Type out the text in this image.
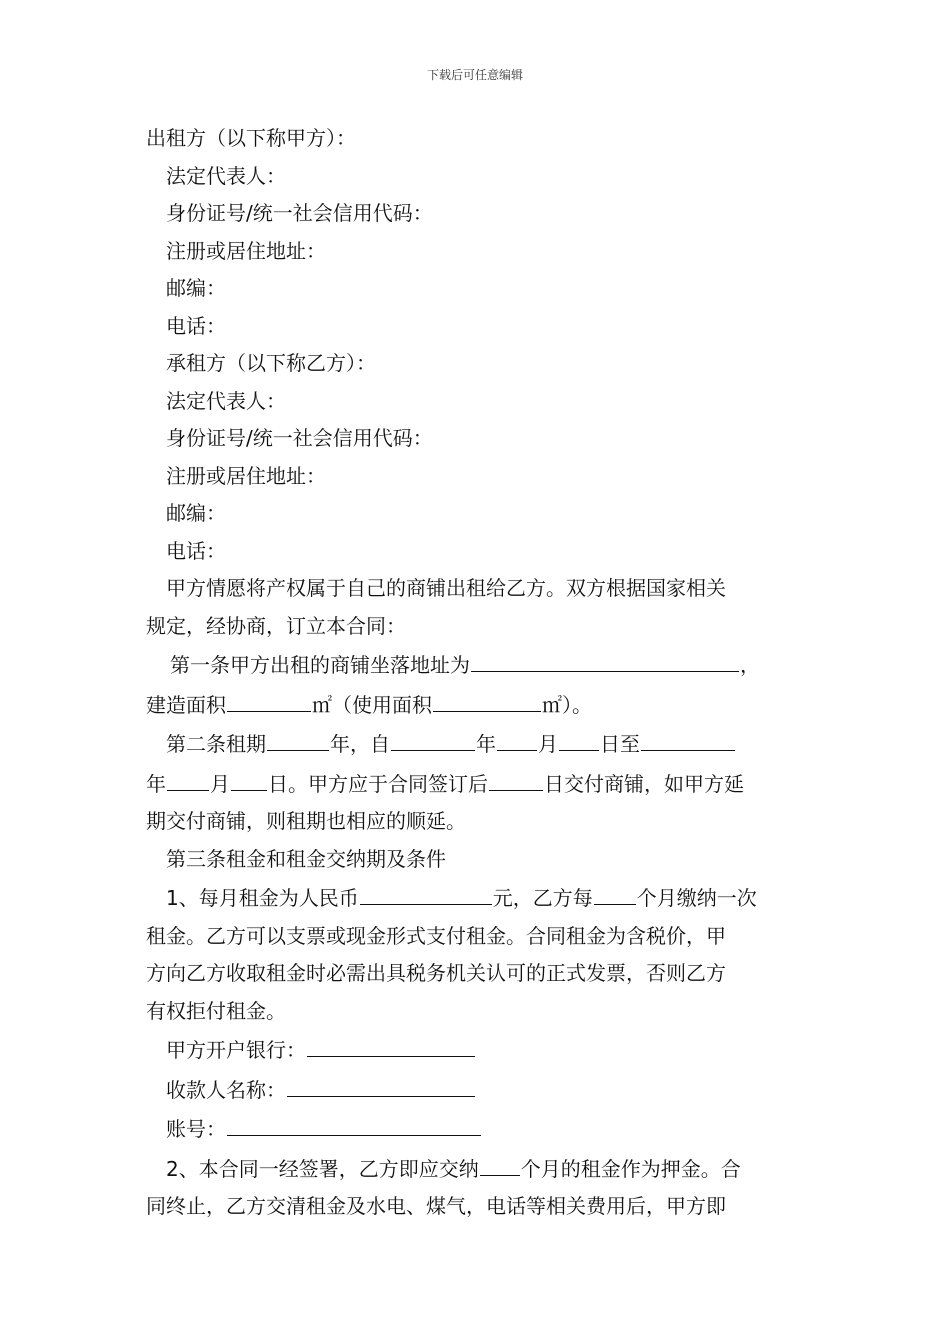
下载后可任意编辑
出租方（以下称甲方）：
法定代表人：
身份证号/统一社会信用代码：
注册或居住地址：
邮编：
电话：
承租方（以下称乙方）：
法定代表人：
身份证号/统一社会信用代码：
注册或居住地址：
邮编：
电话：
甲方情愿将产权属于自己的商铺出租给乙方。双方根据国家相关
规定，经协商，订立本合同：
第一条甲方出租的商铺坐落地址为	，
建造面积	㎡（使用面积	㎡）。
第二条租期	年，自	年 月 日至
年 月 日。甲方应于合同签订后	日交付商铺，如甲方延
期交付商铺，则租期也相应的顺延。
第三条租金和租金交纳期及条件
1、每月租金为人民币	元，乙方每 个月缴纳一次
租金。乙方可以支票或现金形式支付租金。合同租金为含税价，甲
方向乙方收取租金时必需出具税务机关认可的正式发票，否则乙方
有权拒付租金。
甲方开户银行：
收款人名称：
账号：
2、本合同一经签署，乙方即应交纳 个月的租金作为押金。合
同终止，乙方交清租金及水电、煤气，电话等相关费用后，甲方即
